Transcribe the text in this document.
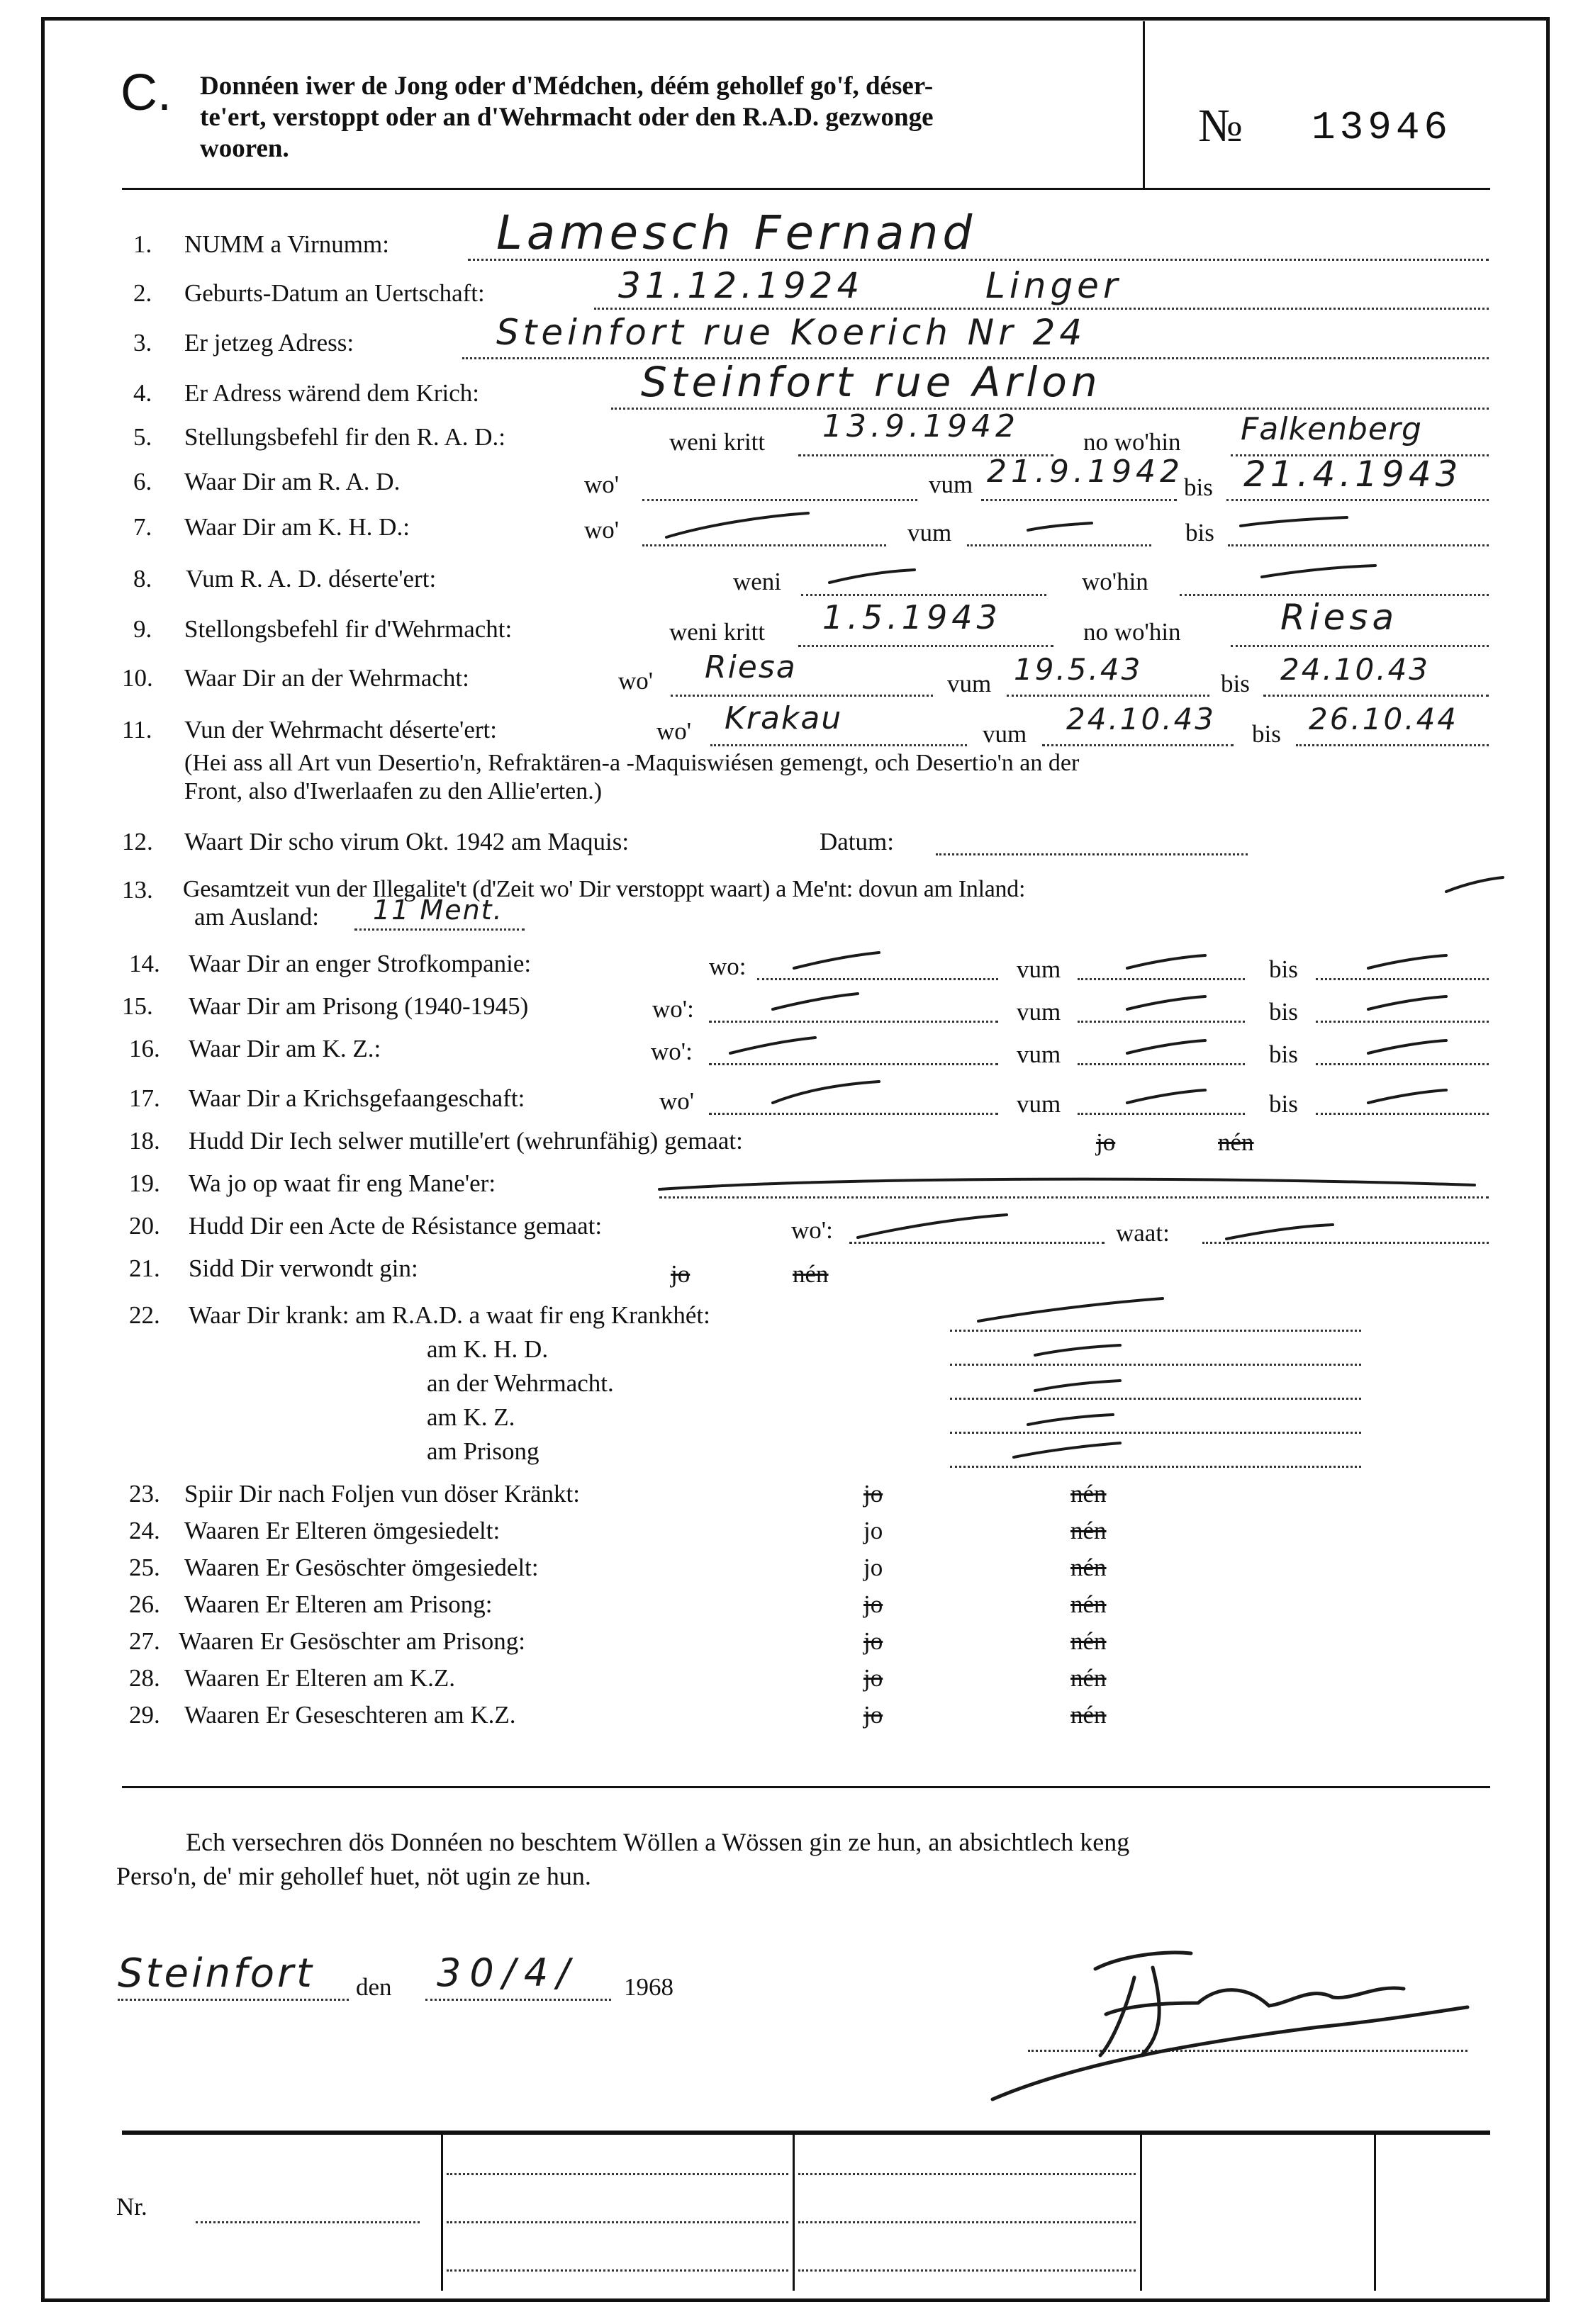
C. Donnéen iwer de Jong oder d'Médchen, déém gehollef go'f, déser-
te'ert, verstoppt oder an d'Wehrmacht oder den R.A.D. gezwonge
wooren.	№ 13946
1. NUMM a Virnumm: Lamesch Fernand
2. Geburts-Datum an Uertschaft:	31.12.1924	Linger
3. Er jetzeg Adress:	Steinfort rue Koerich Nr 24
4. Er Adress wärend dem Krich:	Steinfort rue Arlon
5. Stellungsbefehl fir den R. A. D.:	weni kritt 13.9.1942	no wo'hin Falkenberg
6. Waar Dir am R. A. D.	wo'	vum 21.9.1942 bis 21.4.1943
7. Waar Dir am K. H. D.:	wo'	vum	bis
8. Vum R. A. D. déserte'ert:	weni	wo'hin
9. Stellongsbefehl fir d'Wehrmacht:	weni kritt 1.5.1943	no wo'hin	Riesa
10. Waar Dir an der Wehrmacht:	wo' Riesa	vum 19.5.43	bis 24.10.43
11. Vun der Wehrmacht déserte'ert:	wo' Krakau	vum 24.10.43 bis 26.10.44
(Hei ass all Art vun Desertio'n, Refraktären-a -Maquiswiésen gemengt, och Desertio'n an der
Front, also d'Iwerlaafen zu den Allie'erten.)
12. Waart Dir scho virum Okt. 1942 am Maquis:	Datum:
13. Gesamtzeit vun der Illegalite't (d'Zeit wo' Dir verstoppt waart) a Me'nt: dovun am Inland:
am Ausland: 11 Ment.
14. Waar Dir an enger Strofkompanie:	wo:	vum	bis
15. Waar Dir am Prisong (1940-1945)	wo':	vum	bis
16. Waar Dir am K. Z.:	wo':	vum	bis
17. Waar Dir a Krichsgefaangeschaft:	wo'	vum	bis
18. Hudd Dir Iech selwer mutille'ert (wehrunfähig) gemaat:	jo	nén
19. Wa jo op waat fir eng Mane'er:
20. Hudd Dir een Acte de Résistance gemaat:	wo':	waat:
21. Sidd Dir verwondt gin:	jo	nén
22. Waar Dir krank: am R.A.D. a waat fir eng Krankhét:
am K. H. D.
an der Wehrmacht.
am K. Z.
am Prisong
23. Spiir Dir nach Foljen vun döser Kränkt:	jo	nén
24. Waaren Er Elteren ömgesiedelt:	jo	nén
25. Waaren Er Gesöschter ömgesiedelt:	jo	nén
26. Waaren Er Elteren am Prisong:	jo	nén
27. Waaren Er Gesöschter am Prisong:	jo	nén
28. Waaren Er Elteren am K.Z.	jo	nén
29. Waaren Er Geseschteren am K.Z.	jo	nén
Ech versechren dös Donnéen no beschtem Wöllen a Wössen gin ze hun, an absichtlech keng
Perso'n, de' mir gehollef huet, nöt ugin ze hun.
Steinfort den 30/4/ 1968
Nr.
